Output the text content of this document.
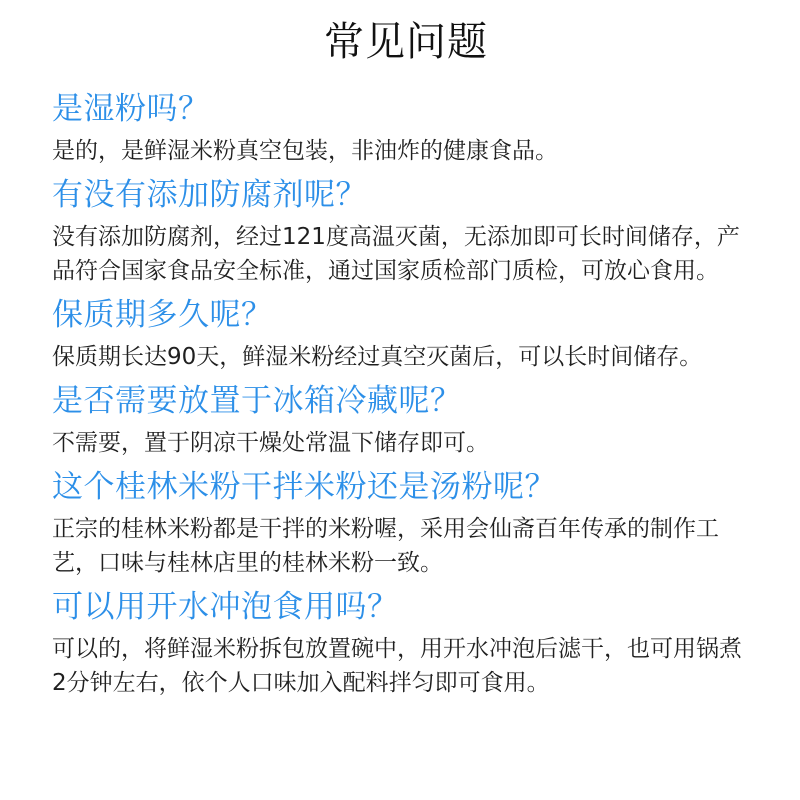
常见问题
是湿粉吗？
是的，是鲜湿米粉真空包装，非油炸的健康食品。
有没有添加防腐剂呢？
没有添加防腐剂，经过121度高温灭菌，无添加即可长时间储存，产品符合国家食品安全标准，通过国家质检部门质检，可放心食用。
保质期多久呢？
保质期长达90天，鲜湿米粉经过真空灭菌后，可以长时间储存。
是否需要放置于冰箱冷藏呢？
不需要，置于阴凉干燥处常温下储存即可。
这个桂林米粉干拌米粉还是汤粉呢？
正宗的桂林米粉都是干拌的米粉喔，采用会仙斋百年传承的制作工艺，口味与桂林店里的桂林米粉一致。
可以用开水冲泡食用吗？
可以的，将鲜湿米粉拆包放置碗中，用开水冲泡后滤干，也可用锅煮2分钟左右，依个人口味加入配料拌匀即可食用。
